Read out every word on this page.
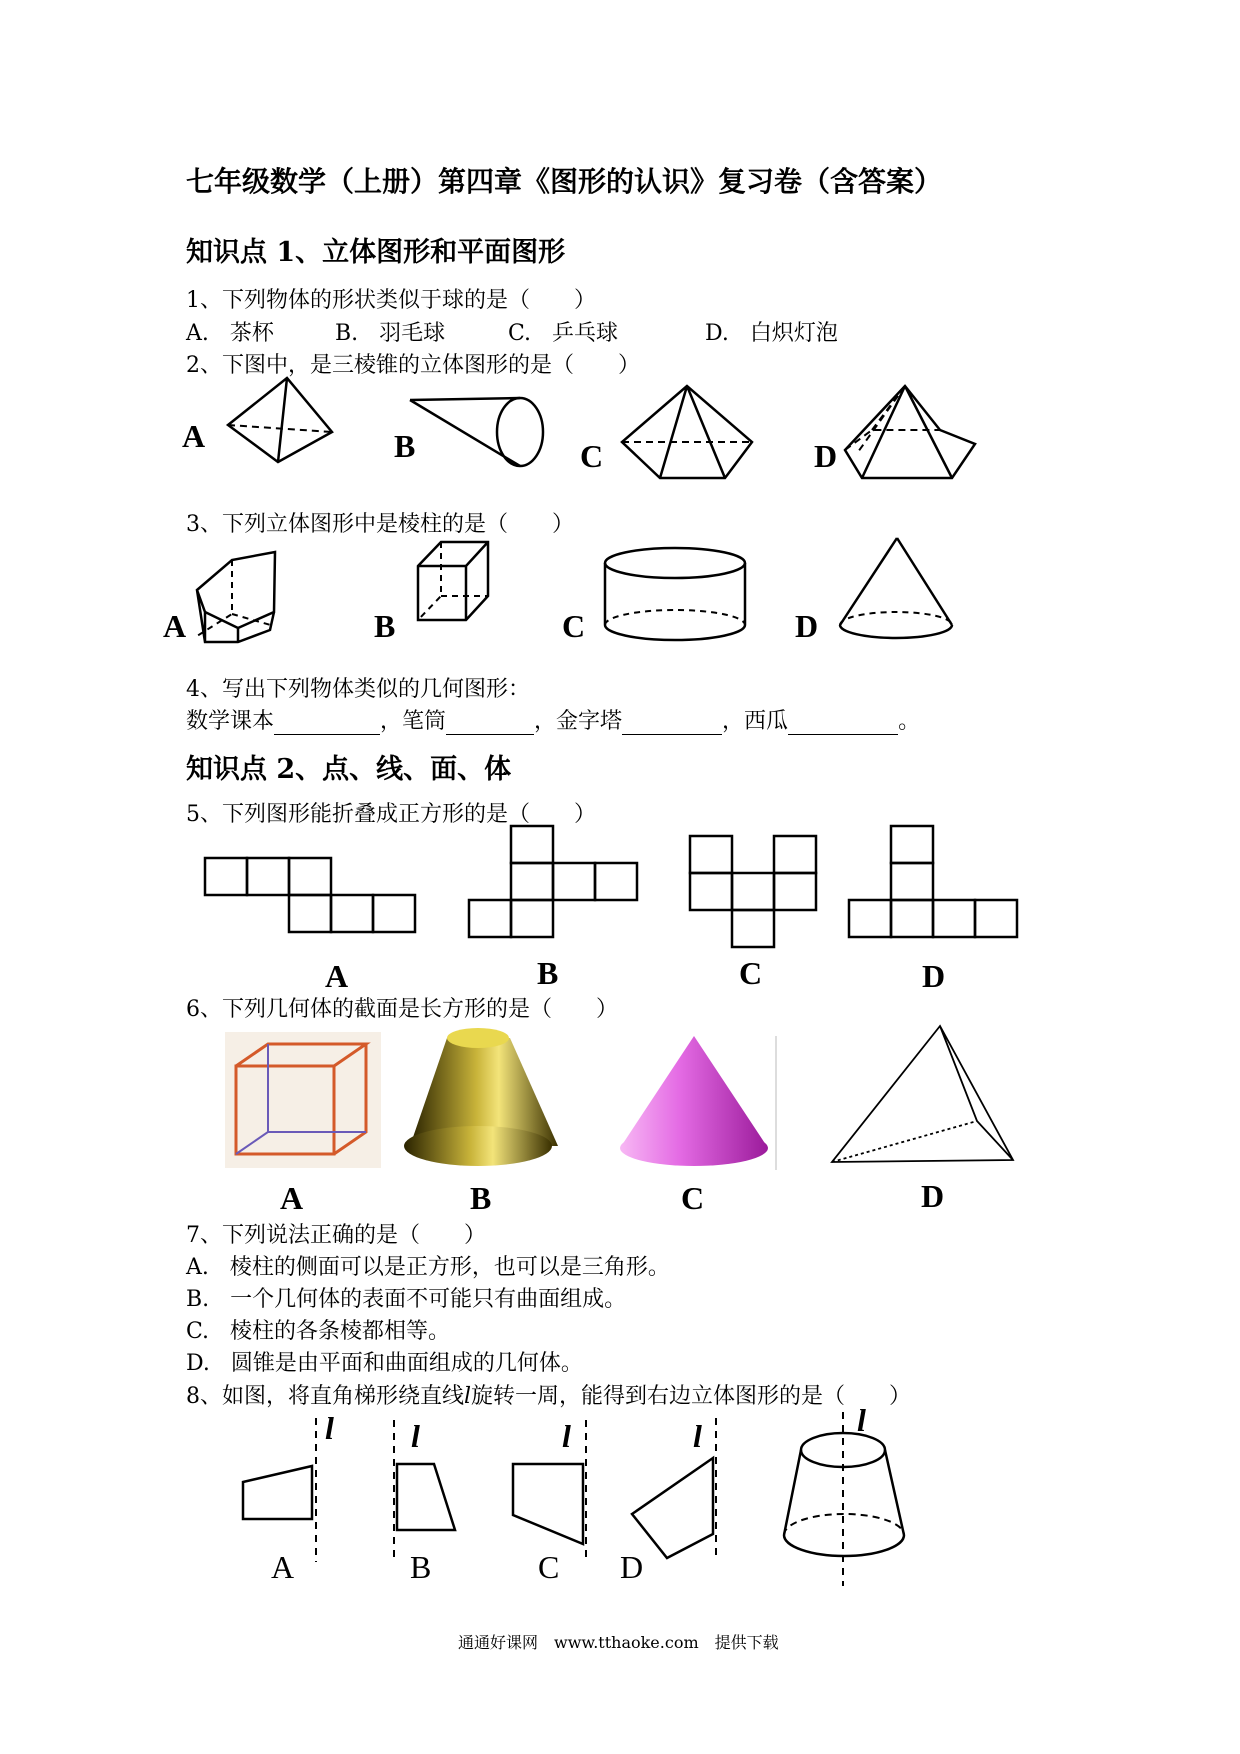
七年级数学（上册）第四章《图形的认识》复习卷（含答案）
知识点 1、立体图形和平面图形
1、下列物体的形状类似于球的是（　　）
A. 茶杯	B. 羽毛球	C. 乒乓球	D. 白炽灯泡
2、下图中，是三棱锥的立体图形的是（　　）
A	B	C	D
3、下列立体图形中是棱柱的是（　　）
A	B	C	D
4、写出下列物体类似的几何图形：
数学课本	，笔筒	，金字塔	，西瓜	。
知识点 2、点、线、面、体
5、下列图形能折叠成正方形的是（　　）
A	B	C	D
6、下列几何体的截面是长方形的是（　　）
A	B	C	D
7、下列说法正确的是（　　）
A. 棱柱的侧面可以是正方形，也可以是三角形。
B. 一个几何体的表面不可能只有曲面组成。
C. 棱柱的各条棱都相等。
D. 圆锥是由平面和曲面组成的几何体。
8、如图，将直角梯形绕直线l旋转一周，能得到右边立体图形的是（　　）
l l	l	l	l
A	B	C D
通通好课网　www.tthaoke.com　提供下载
